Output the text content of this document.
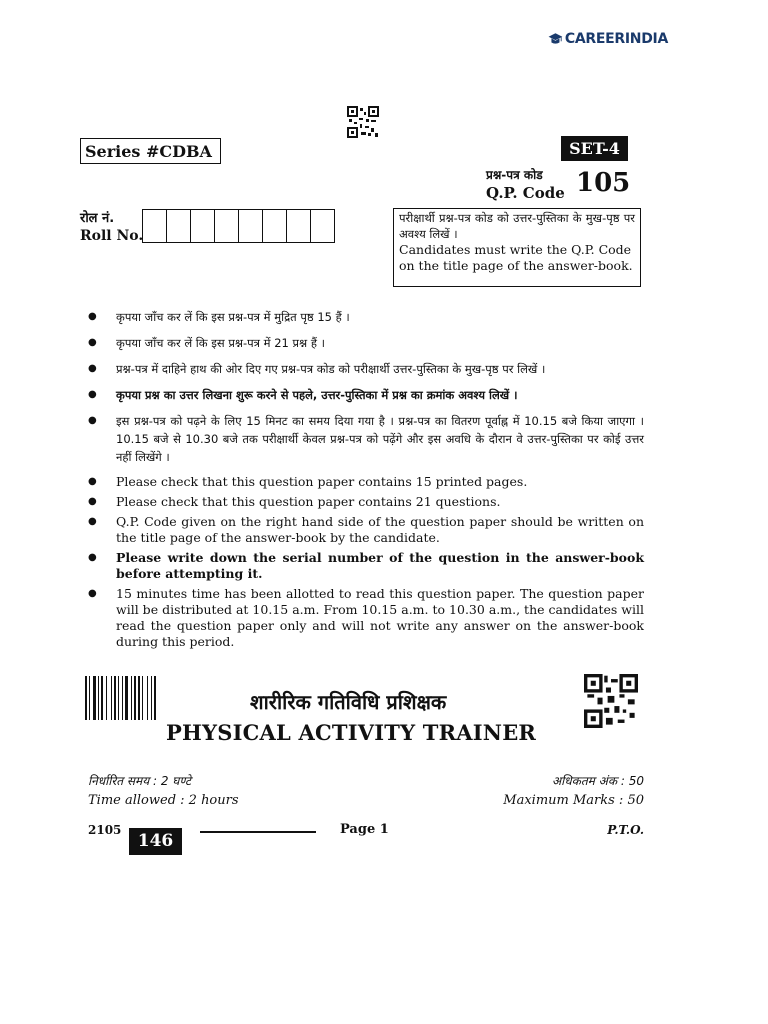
CAREERINDIA
Series #CDBA	SET-4
प्रश्न-पत्र कोड
Q.P. Code 105
रोल नं.
Roll No.
परीक्षार्थी प्रश्न-पत्र कोड को उत्तर-पुस्तिका के मुख-पृष्ठ पर अवश्य लिखें ।
Candidates must write the Q.P. Code on the title page of the answer-book.
● कृपया जाँच कर लें कि इस प्रश्न-पत्र में मुद्रित पृष्ठ 15 हैं ।
● कृपया जाँच कर लें कि इस प्रश्न-पत्र में 21 प्रश्न हैं ।
● प्रश्न-पत्र में दाहिने हाथ की ओर दिए गए प्रश्न-पत्र कोड को परीक्षार्थी उत्तर-पुस्तिका के मुख-पृष्ठ पर लिखें ।
● कृपया प्रश्न का उत्तर लिखना शुरू करने से पहले, उत्तर-पुस्तिका में प्रश्न का क्रमांक अवश्य लिखें ।
● इस प्रश्न-पत्र को पढ़ने के लिए 15 मिनट का समय दिया गया है । प्रश्न-पत्र का वितरण पूर्वाह्न में 10.15 बजे किया जाएगा । 10.15 बजे से 10.30 बजे तक परीक्षार्थी केवल प्रश्न-पत्र को पढ़ेंगे और इस अवधि के दौरान वे उत्तर-पुस्तिका पर कोई उत्तर नहीं लिखेंगे ।
● Please check that this question paper contains 15 printed pages.
● Please check that this question paper contains 21 questions.
● Q.P. Code given on the right hand side of the question paper should be written on the title page of the answer-book by the candidate.
● Please write down the serial number of the question in the answer-book before attempting it.
● 15 minutes time has been allotted to read this question paper. The question paper will be distributed at 10.15 a.m. From 10.15 a.m. to 10.30 a.m., the candidates will read the question paper only and will not write any answer on the answer-book during this period.
शारीरिक गतिविधि प्रशिक्षक
PHYSICAL ACTIVITY TRAINER
निर्धारित समय : 2 घण्टे
Time allowed : 2 hours
अधिकतम अंक : 50
Maximum Marks : 50
2105
146
Page 1	P.T.O.
